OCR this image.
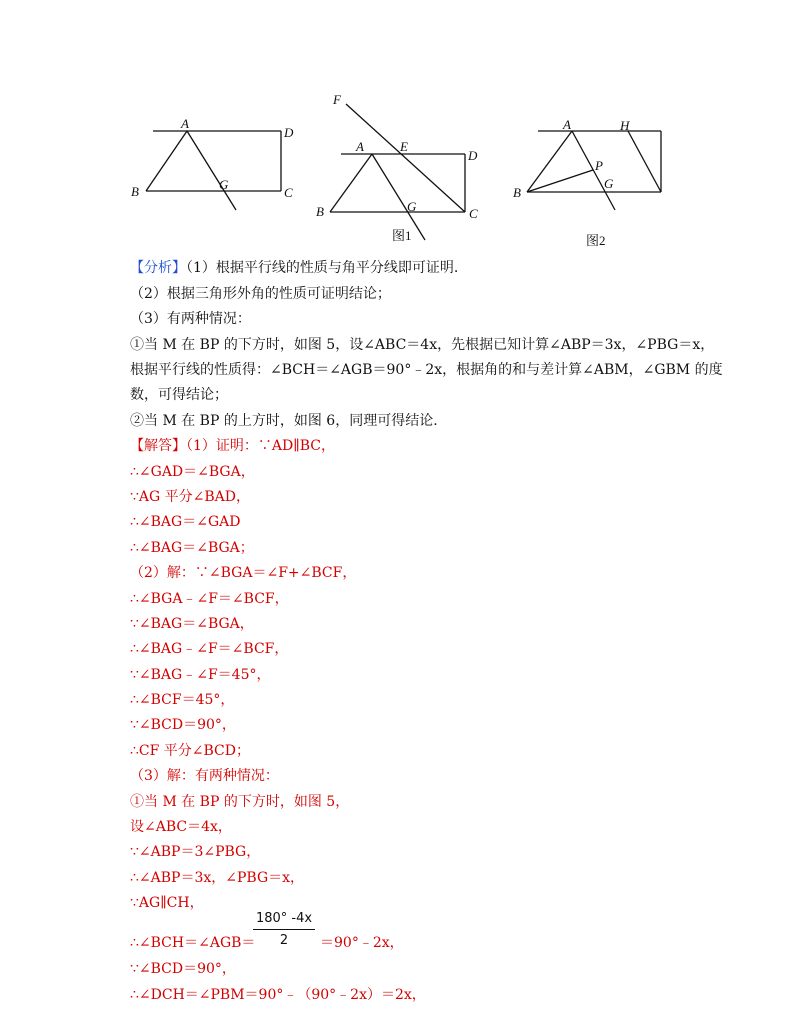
A
D
B	G
C
F
A	E
D
B	G	C
图1
A	H
P
B
G
图2
【分析】（1）根据平行线的性质与角平分线即可证明.
（2）根据三角形外角的性质可证明结论；
（3）有两种情况：
①当 M 在 BP 的下方时，如图 5，设∠ABC＝4x，先根据已知计算∠ABP＝3x，∠PBG＝x，
根据平行线的性质得：∠BCH＝∠AGB＝90°﹣2x，根据角的和与差计算∠ABM，∠GBM 的度
数，可得结论；
②当 M 在 BP 的上方时，如图 6，同理可得结论.
【解答】（1）证明：∵AD∥BC，
∴∠GAD＝∠BGA，
∵AG 平分∠BAD，
∴∠BAG＝∠GAD
∴∠BAG＝∠BGA；
（2）解：∵∠BGA＝∠F+∠BCF，
∴∠BGA﹣∠F＝∠BCF，
∵∠BAG＝∠BGA，
∴∠BAG﹣∠F＝∠BCF，
∵∠BAG﹣∠F＝45°，
∴∠BCF＝45°，
∵∠BCD＝90°，
∴CF 平分∠BCD；
（3）解：有两种情况：
①当 M 在 BP 的下方时，如图 5，
设∠ABC＝4x，
∵∠ABP＝3∠PBG，
∴∠ABP＝3x，∠PBG＝x，
∵AG∥CH，
∴∠BCH＝∠AGB＝
180° -4x
2	＝90°﹣2x，
∵∠BCD＝90°，
∴∠DCH＝∠PBM＝90°﹣（90°﹣2x）＝2x，
